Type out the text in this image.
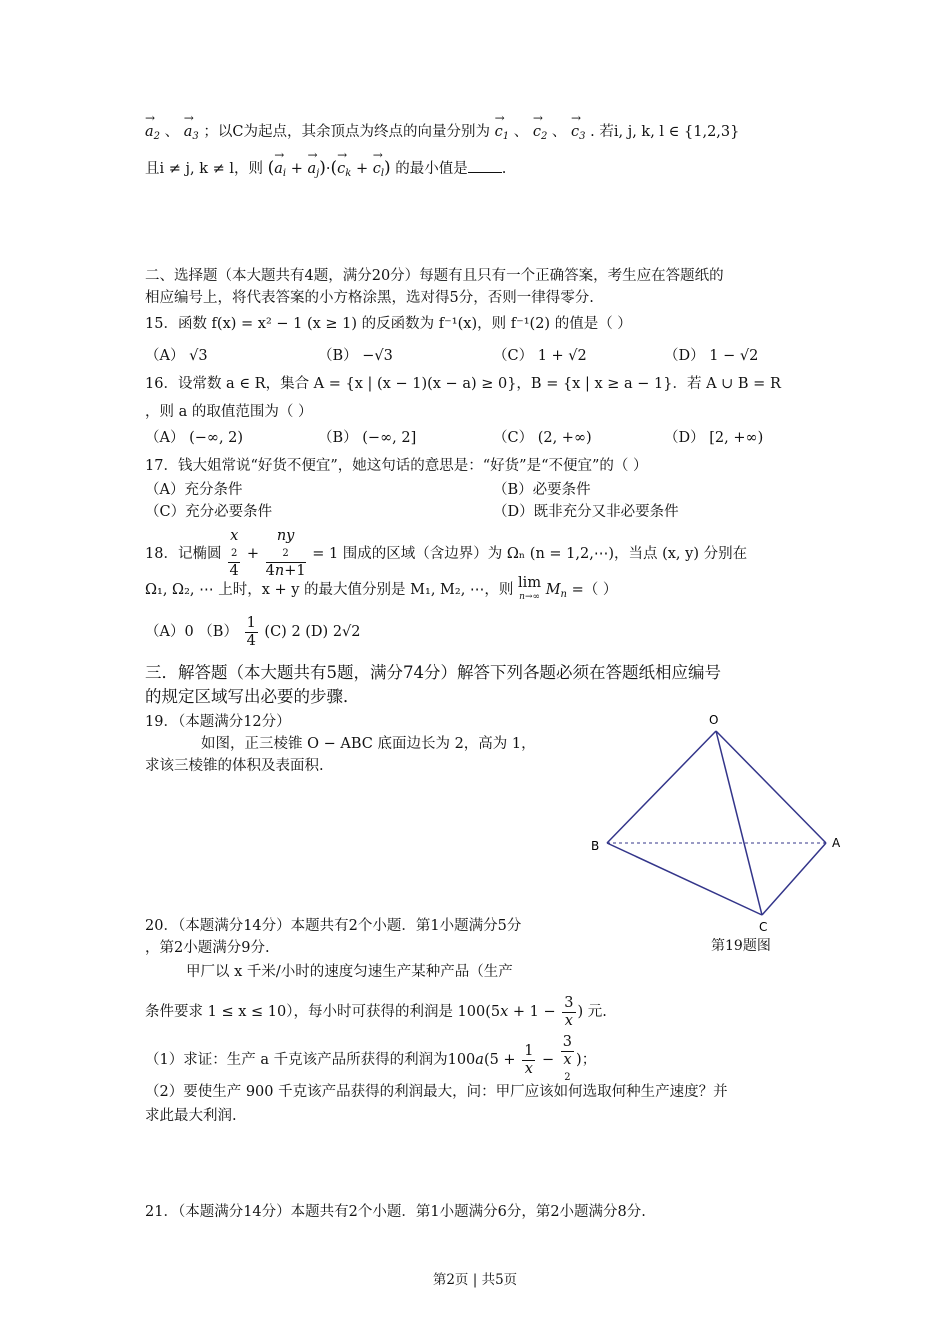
→ $a_2$ 、 → $a_3$ ；以C为起点，其余顶点为终点的向量分别为 → $c_1$ 、 → $c_2$ 、 → $c_3$ . 若i, j, k, l ∈ {1,2,3}
且i ≠ j, k ≠ l，则 (→ $a_i$ + → $a_j)\cdot(\to c_k$ + → $c_l$) 的最小值是 .
二、选择题（本大题共有4题，满分20分）每题有且只有一个正确答案，考生应在答题纸的
相应编号上，将代表答案的小方格涂黑，选对得5分，否则一律得零分.
15．函数 f(x) = x² − 1 (x ≥ 1) 的反函数为 f⁻¹(x)，则 f⁻¹(2) 的值是（ ）
（A） √3	（B） −√3	（C） 1 + √2	（D） 1 − √2
16．设常数 a ∈ R，集合 A = {x | (x − 1)(x − a) ≥ 0}，B = {x | x ≥ a − 1}．若 A ∪ B = R
，则 a 的取值范围为（ ）
（A） (−∞, 2)	（B） (−∞, 2]	（C） (2, +∞)	（D） [2, +∞)
17．钱大姐常说“好货不便宜”，她这句话的意思是：“好货”是“不便宜”的（ ）
（A）充分条件	（B）必要条件
（C）充分必要条件	（D）既非充分又非必要条件
18．记椭圆 x
2
4 + ny
2
4n+1 = 1 围成的区域（含边界）为 Ωₙ (n = 1,2,⋯)，当点 (x, y) 分别在
Ω₁, Ω₂, ⋯ 上时，x + y 的最大值分别是 M₁, M₂, ⋯，则 lim
n→∞ $M_n$ =（ ）
（A）0 $(B) \frac{1}{4} (C)$ 2 (D) 2√2
三．解答题（本大题共有5题，满分74分）解答下列各题必须在答题纸相应编号
的规定区域写出必要的步骤．
19．（本题满分12分）
如图，正三棱锥 O − ABC 底面边长为 2，高为 1，
求该三棱锥的体积及表面积.
O
A
B
C
第19题图
20．（本题满分14分）本题共有2个小题．第1小题满分5分
，第2小题满分9分.
甲厂以 x 千米/小时的速度匀速生产某种产品（生产
条件要求 1 ≤ x ≤ 10），每小时可获得的利润是 $100(5x + 1 - \frac{3}{x}$ ) 元.
（1）求证：生产 a 千克该产品所获得的利润为$100a(5 + \frac{1}{x} - 3$
x
2 )；
（2）要使生产 900 千克该产品获得的利润最大，问：甲厂应该如何选取何种生产速度？并
求此最大利润.
21．（本题满分14分）本题共有2个小题．第1小题满分6分，第2小题满分8分.
第2页 | 共5页
